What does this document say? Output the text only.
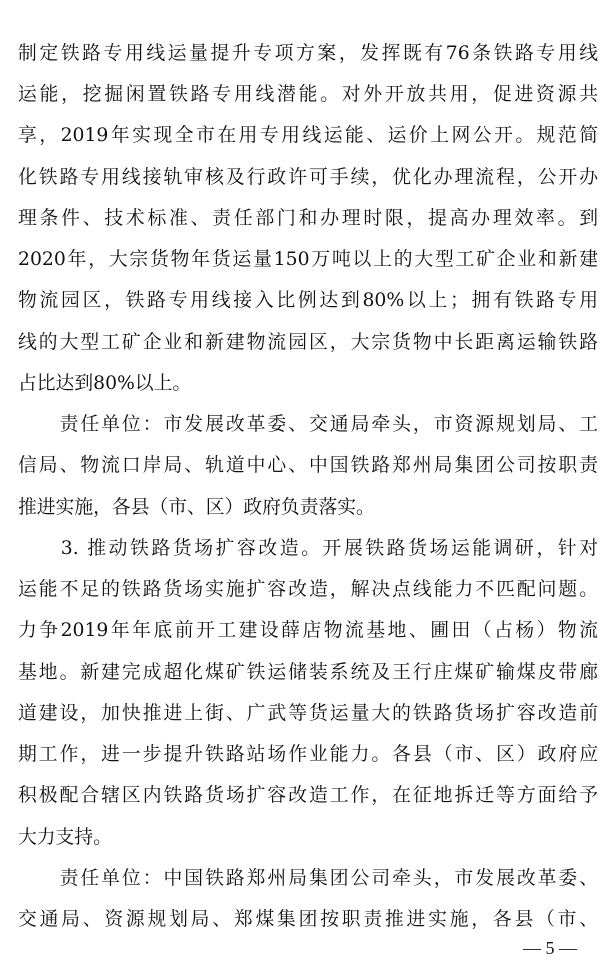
制定铁路专用线运量提升专项方案，发挥既有76条铁路专用线
运能，挖掘闲置铁路专用线潜能。对外开放共用，促进资源共
享，2019年实现全市在用专用线运能、运价上网公开。规范简
化铁路专用线接轨审核及行政许可手续，优化办理流程，公开办
理条件、技术标准、责任部门和办理时限，提高办理效率。到
2020年，大宗货物年货运量150万吨以上的大型工矿企业和新建
物流园区，铁路专用线接入比例达到80%以上；拥有铁路专用
线的大型工矿企业和新建物流园区，大宗货物中长距离运输铁路
占比达到80%以上。
　　责任单位：市发展改革委、交通局牵头，市资源规划局、工
信局、物流口岸局、轨道中心、中国铁路郑州局集团公司按职责
推进实施，各县（市、区）政府负责落实。
　　3. 推动铁路货场扩容改造。开展铁路货场运能调研，针对
运能不足的铁路货场实施扩容改造，解决点线能力不匹配问题。
力争2019年年底前开工建设薛店物流基地、圃田（占杨）物流
基地。新建完成超化煤矿铁运储装系统及王行庄煤矿输煤皮带廊
道建设，加快推进上街、广武等货运量大的铁路货场扩容改造前
期工作，进一步提升铁路站场作业能力。各县（市、区）政府应
积极配合辖区内铁路货场扩容改造工作，在征地拆迁等方面给予
大力支持。
　　责任单位：中国铁路郑州局集团公司牵头，市发展改革委、
交通局、资源规划局、郑煤集团按职责推进实施，各县（市、
— 5 —
